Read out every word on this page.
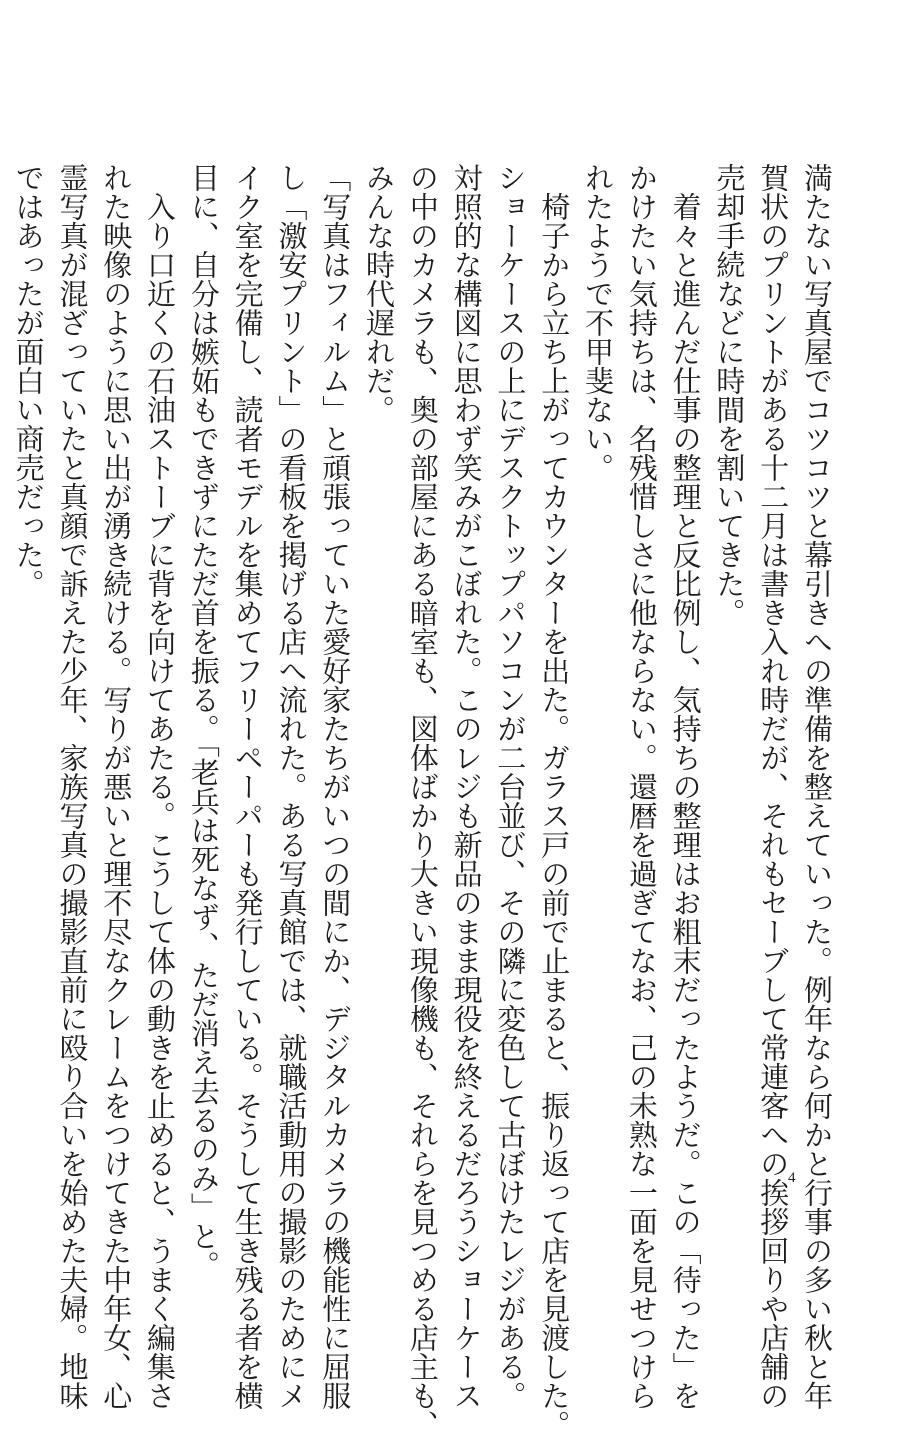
満たない写真屋でコツコツと幕引きへの準備を整えていった。例年なら何かと行事の多い秋と年

賀状のプリントがある十二月は書き入れ時だが、それもセーブして常連客への挨拶回りや店舗の

売却手続などに時間を割いてきた。

　着々と進んだ仕事の整理と反比例し、気持ちの整理はお粗末だったようだ。この「待った」を

かけたい気持ちは、名残惜しさに他ならない。還暦を過ぎてなお、己の未熟な一面を見せつけら

れたようで不甲斐ない。

　椅子から立ち上がってカウンターを出た。ガラス戸の前で止まると、振り返って店を見渡した。

ショーケースの上にデスクトップパソコンが二台並び、その隣に変色して古ぼけたレジがある。

対照的な構図に思わず笑みがこぼれた。このレジも新品のまま現役を終えるだろうショーケース

の中のカメラも、奥の部屋にある暗室も、図体ばかり大きい現像機も、それらを見つめる店主も、

みんな時代遅れだ。

「写真はフィルム」と頑張っていた愛好家たちがいつの間にか、デジタルカメラの機能性に屈服

し「激安プリント」の看板を掲げる店へ流れた。ある写真館では、就職活動用の撮影のためにメ

イク室を完備し、読者モデルを集めてフリーペーパーも発行している。そうして生き残る者を横

目に、自分は嫉妬もできずにただ首を振る。「老兵は死なず、ただ消え去るのみ」と。

　入り口近くの石油ストーブに背を向けてあたる。こうして体の動きを止めると、うまく編集さ

れた映像のように思い出が湧き続ける。写りが悪いと理不尽なクレームをつけてきた中年女、心

霊写真が混ざっていたと真顔で訴えた少年、家族写真の撮影直前に殴り合いを始めた夫婦。地味

ではあったが面白い商売だった。

4
